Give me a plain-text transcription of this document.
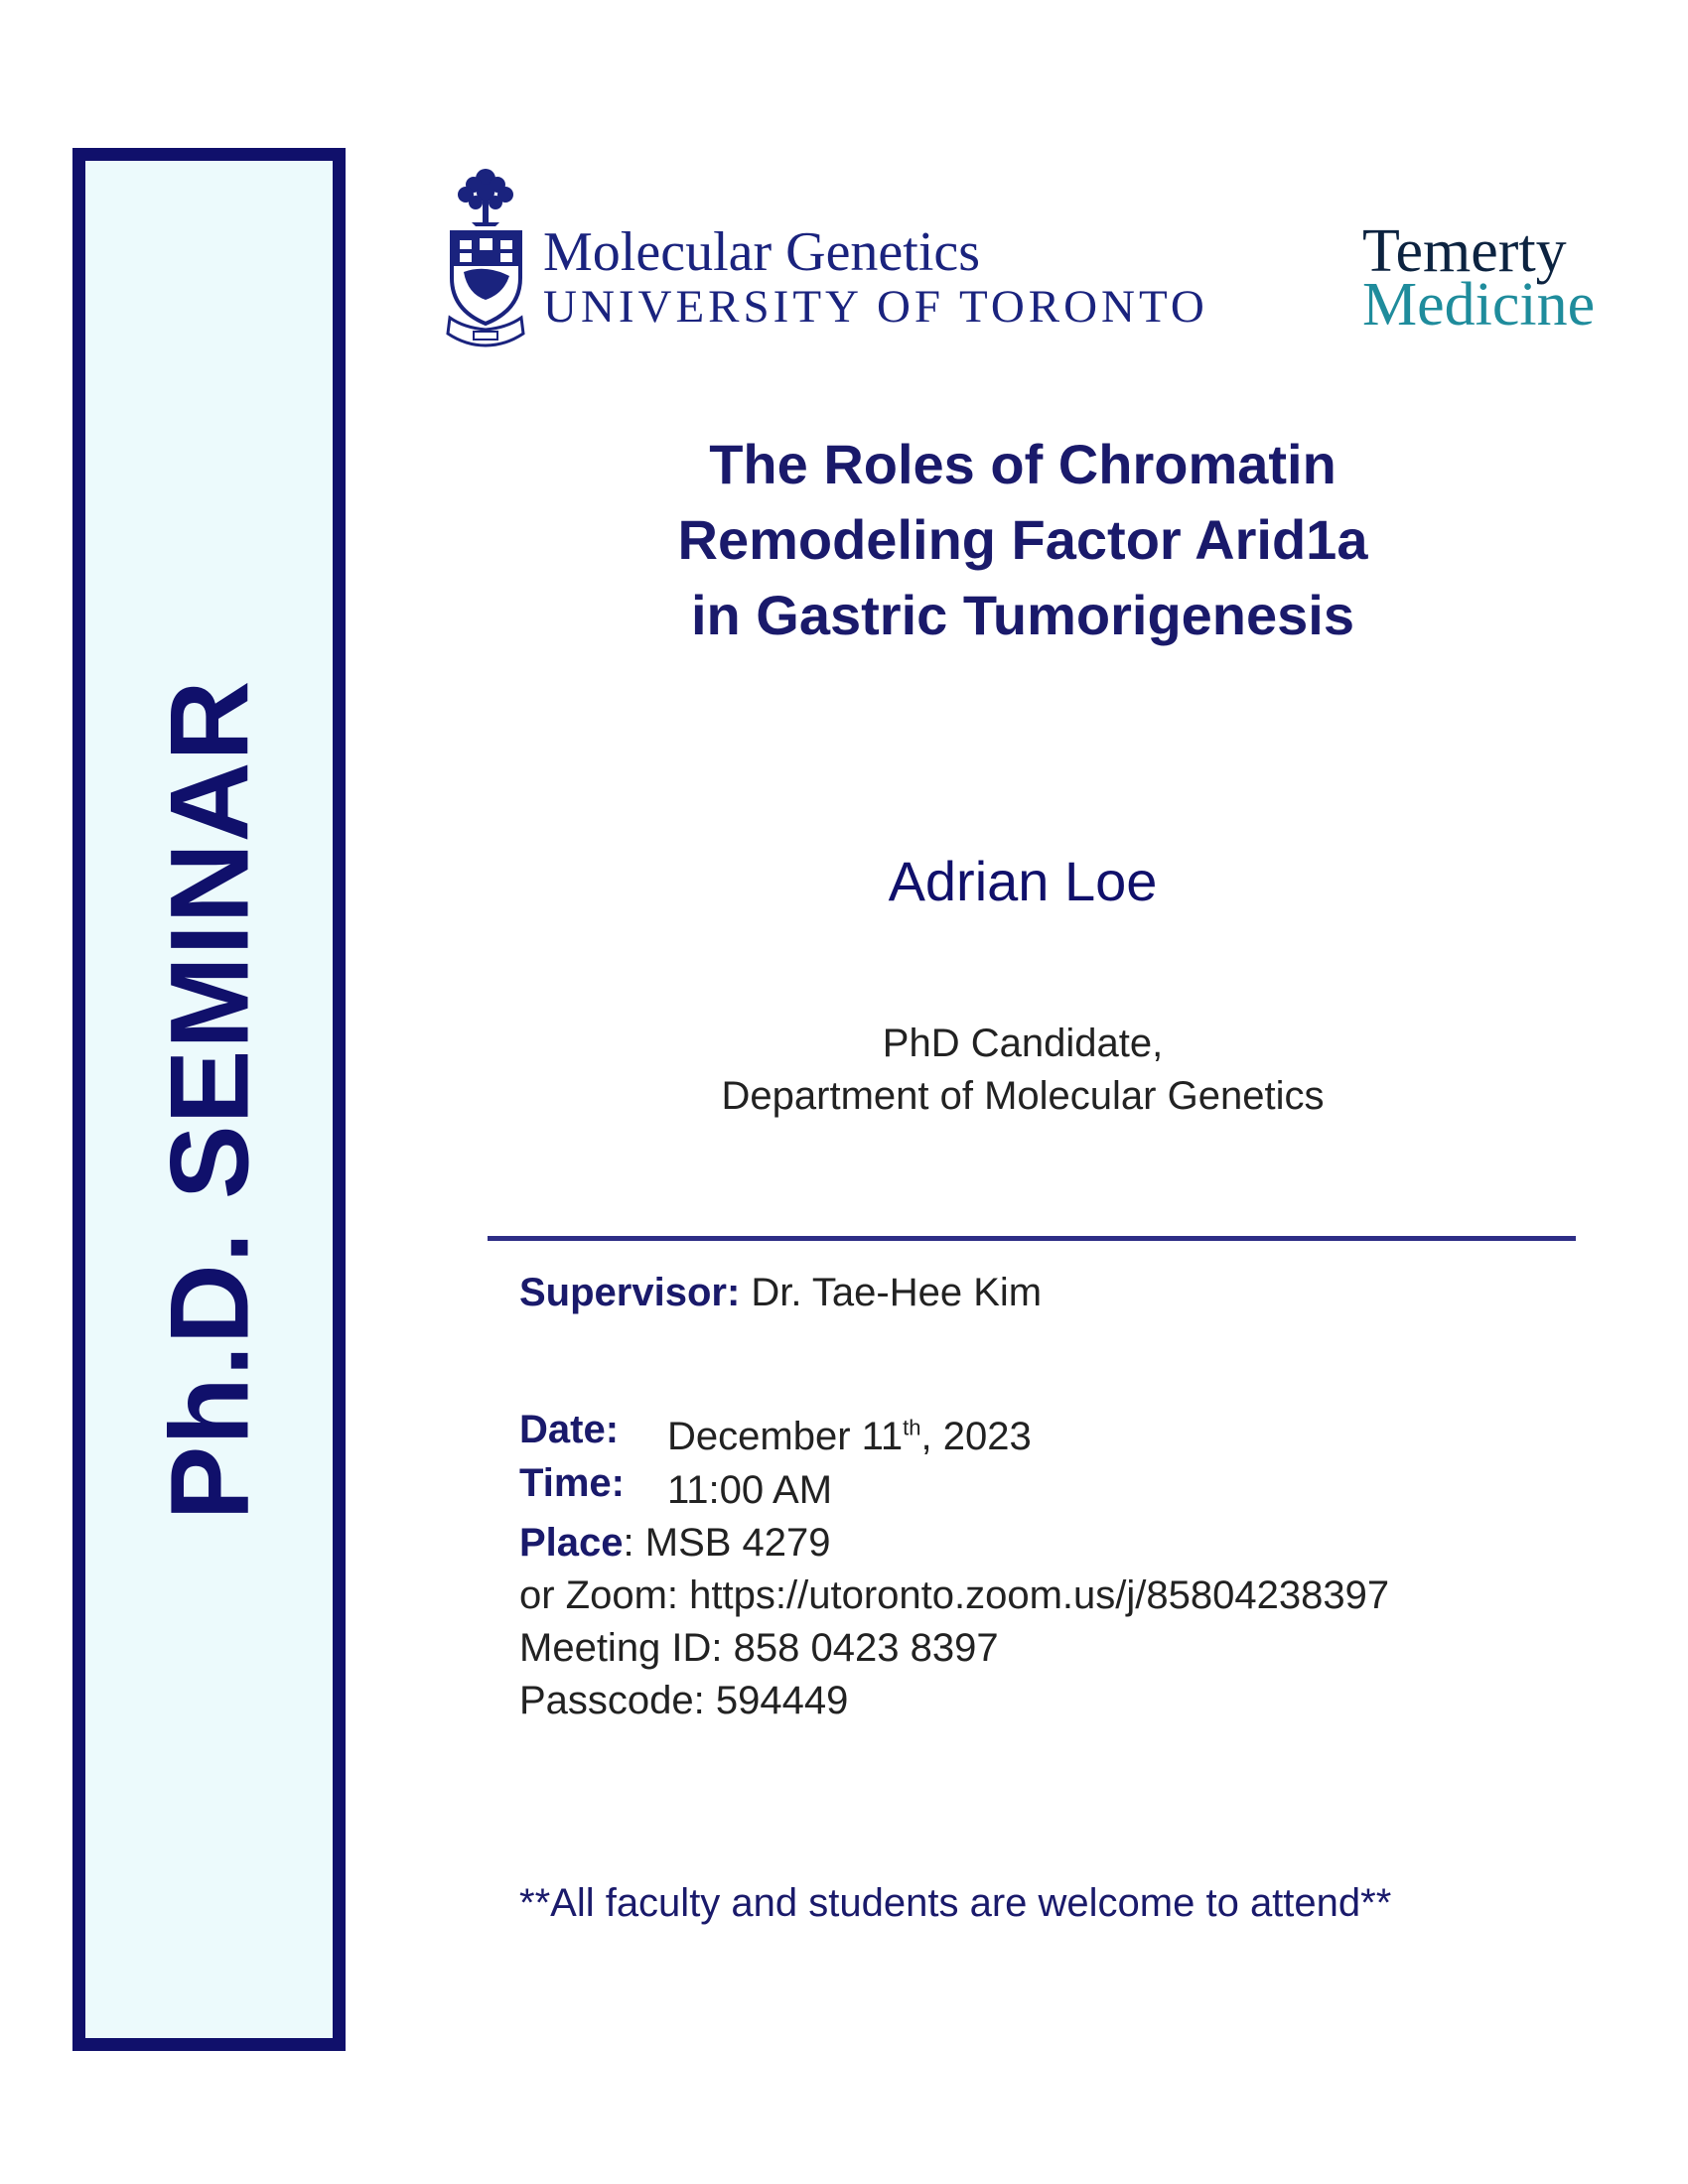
Ph.D. SEMINAR
Molecular Genetics
UNIVERSITY OF TORONTO
Temerty
Medicine
The Roles of Chromatin
Remodeling Factor Arid1a
in Gastric Tumorigenesis
Adrian Loe
PhD Candidate,
Department of Molecular Genetics
Supervisor: Dr. Tae-Hee Kim
Date: December 11th, 2023
Time: 11:00 AM
Place: MSB 4279
or Zoom: https://utoronto.zoom.us/j/85804238397
Meeting ID: 858 0423 8397
Passcode: 594449
**All faculty and students are welcome to attend**
